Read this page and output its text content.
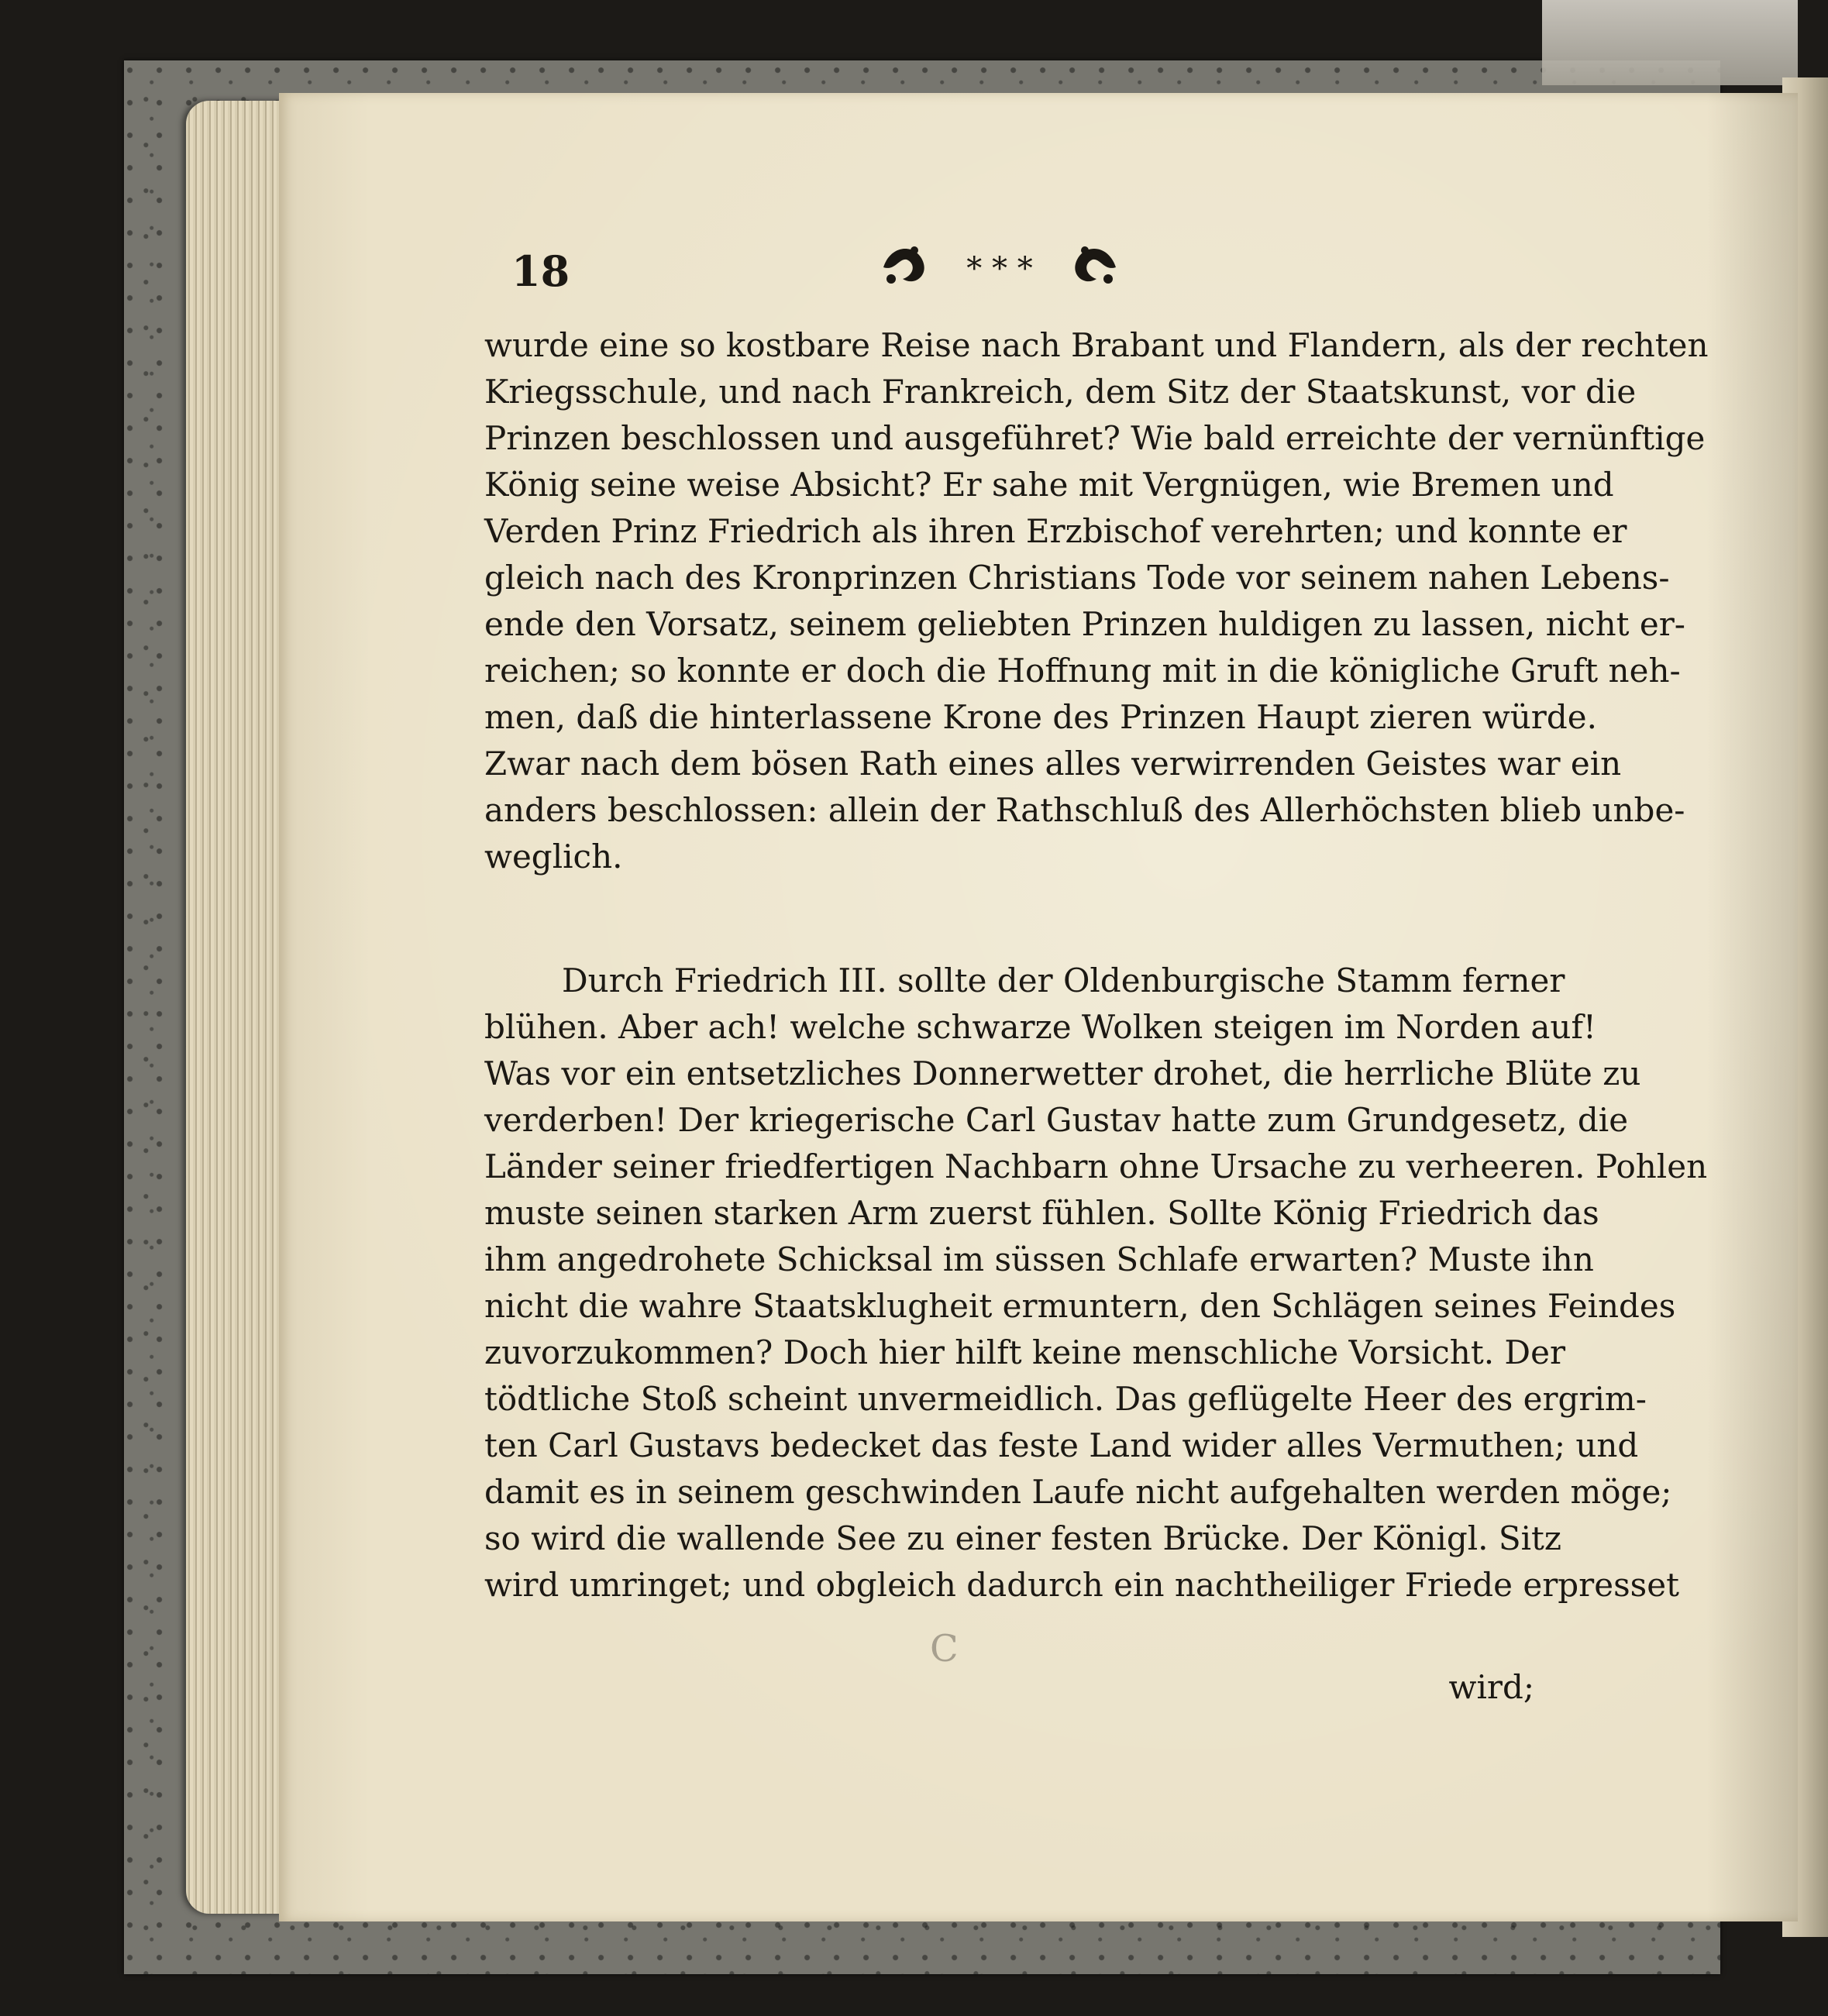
18	* * *
wurde eine so kostbare Reise nach Brabant und Flandern, als der rechten
Kriegsschule, und nach Frankreich, dem Sitz der Staatskunst, vor die
Prinzen beschlossen und ausgeführet? Wie bald erreichte der vernünftige
König seine weise Absicht? Er sahe mit Vergnügen, wie Bremen und
Verden Prinz Friedrich als ihren Erzbischof verehrten; und konnte er
gleich nach des Kronprinzen Christians Tode vor seinem nahen Lebens-
ende den Vorsatz, seinem geliebten Prinzen huldigen zu lassen, nicht er-
reichen; so konnte er doch die Hoffnung mit in die königliche Gruft neh-
men, daß die hinterlassene Krone des Prinzen Haupt zieren würde.
Zwar nach dem bösen Rath eines alles verwirrenden Geistes war ein
anders beschlossen: allein der Rathschluß des Allerhöchsten blieb unbe-
weglich.
Durch Friedrich III. sollte der Oldenburgische Stamm ferner
blühen. Aber ach! welche schwarze Wolken steigen im Norden auf!
Was vor ein entsetzliches Donnerwetter drohet, die herrliche Blüte zu
verderben! Der kriegerische Carl Gustav hatte zum Grundgesetz, die
Länder seiner friedfertigen Nachbarn ohne Ursache zu verheeren. Pohlen
muste seinen starken Arm zuerst fühlen. Sollte König Friedrich das
ihm angedrohete Schicksal im süssen Schlafe erwarten? Muste ihn
nicht die wahre Staatsklugheit ermuntern, den Schlägen seines Feindes
zuvorzukommen? Doch hier hilft keine menschliche Vorsicht. Der
tödtliche Stoß scheint unvermeidlich. Das geflügelte Heer des ergrim-
ten Carl Gustavs bedecket das feste Land wider alles Vermuthen; und
damit es in seinem geschwinden Laufe nicht aufgehalten werden möge;
so wird die wallende See zu einer festen Brücke. Der Königl. Sitz
wird umringet; und obgleich dadurch ein nachtheiliger Friede erpresset
C
wird;
